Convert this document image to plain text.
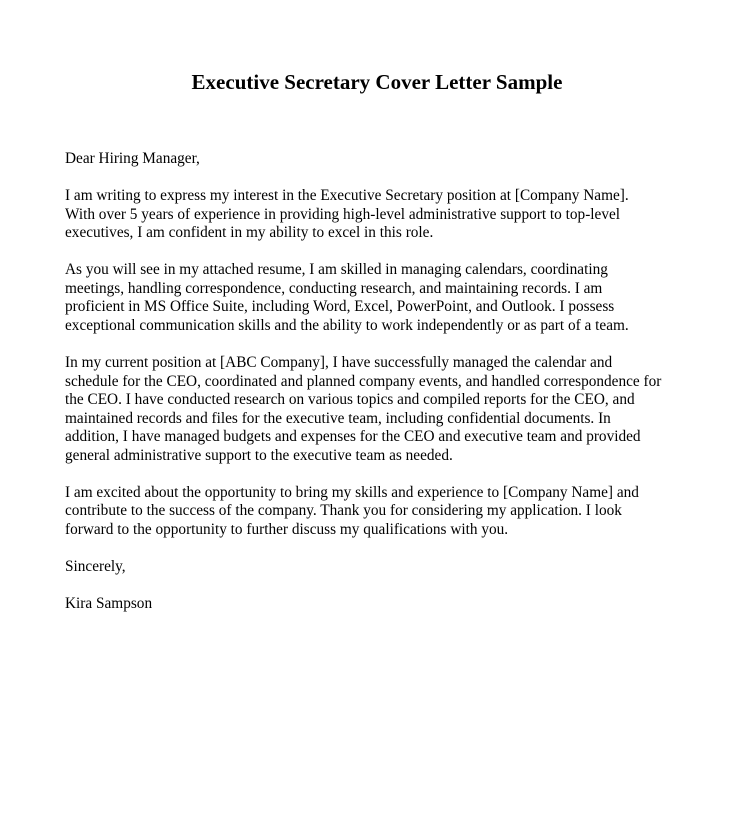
Executive Secretary Cover Letter Sample

Dear Hiring Manager,

I am writing to express my interest in the Executive Secretary position at [Company Name].
With over 5 years of experience in providing high-level administrative support to top-level
executives, I am confident in my ability to excel in this role.

As you will see in my attached resume, I am skilled in managing calendars, coordinating
meetings, handling correspondence, conducting research, and maintaining records. I am
proficient in MS Office Suite, including Word, Excel, PowerPoint, and Outlook. I possess
exceptional communication skills and the ability to work independently or as part of a team.

In my current position at [ABC Company], I have successfully managed the calendar and
schedule for the CEO, coordinated and planned company events, and handled correspondence for
the CEO. I have conducted research on various topics and compiled reports for the CEO, and
maintained records and files for the executive team, including confidential documents. In
addition, I have managed budgets and expenses for the CEO and executive team and provided
general administrative support to the executive team as needed.

I am excited about the opportunity to bring my skills and experience to [Company Name] and
contribute to the success of the company. Thank you for considering my application. I look
forward to the opportunity to further discuss my qualifications with you.

Sincerely,

Kira Sampson
